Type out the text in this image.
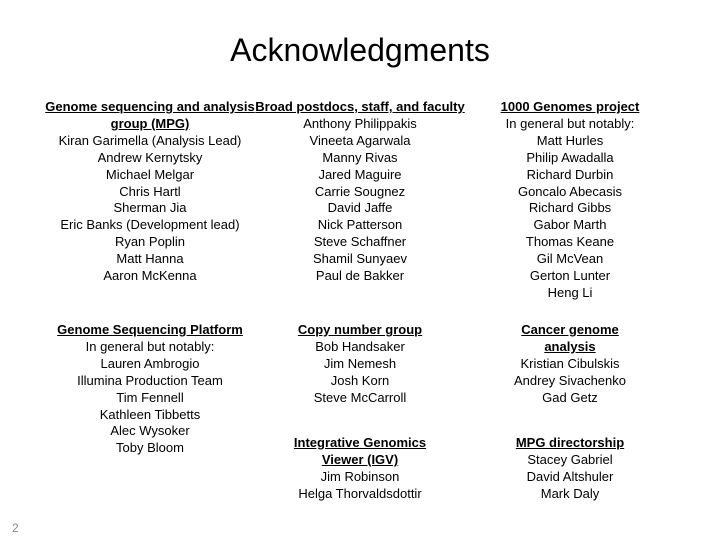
Acknowledgments
Genome sequencing and analysis group (MPG)
Kiran Garimella (Analysis Lead)
Andrew Kernytsky
Michael Melgar
Chris Hartl
Sherman Jia
Eric Banks (Development lead)
Ryan Poplin
Matt Hanna
Aaron McKenna
Broad postdocs, staff, and faculty
Anthony Philippakis
Vineeta Agarwala
Manny Rivas
Jared Maguire
Carrie Sougnez
David Jaffe
Nick Patterson
Steve Schaffner
Shamil Sunyaev
Paul de Bakker
1000 Genomes project
In general but notably:
Matt Hurles
Philip Awadalla
Richard Durbin
Goncalo Abecasis
Richard Gibbs
Gabor Marth
Thomas Keane
Gil McVean
Gerton Lunter
Heng Li
Genome Sequencing Platform
In general but notably:
Lauren Ambrogio
Illumina Production Team
Tim Fennell
Kathleen Tibbetts
Alec Wysoker
Toby Bloom
Copy number group
Bob Handsaker
Jim Nemesh
Josh Korn
Steve McCarroll
Cancer genome analysis
Kristian Cibulskis
Andrey Sivachenko
Gad Getz
Integrative Genomics Viewer (IGV)
Jim Robinson
Helga Thorvaldsdottir
MPG directorship
Stacey Gabriel
David Altshuler
Mark Daly
2
